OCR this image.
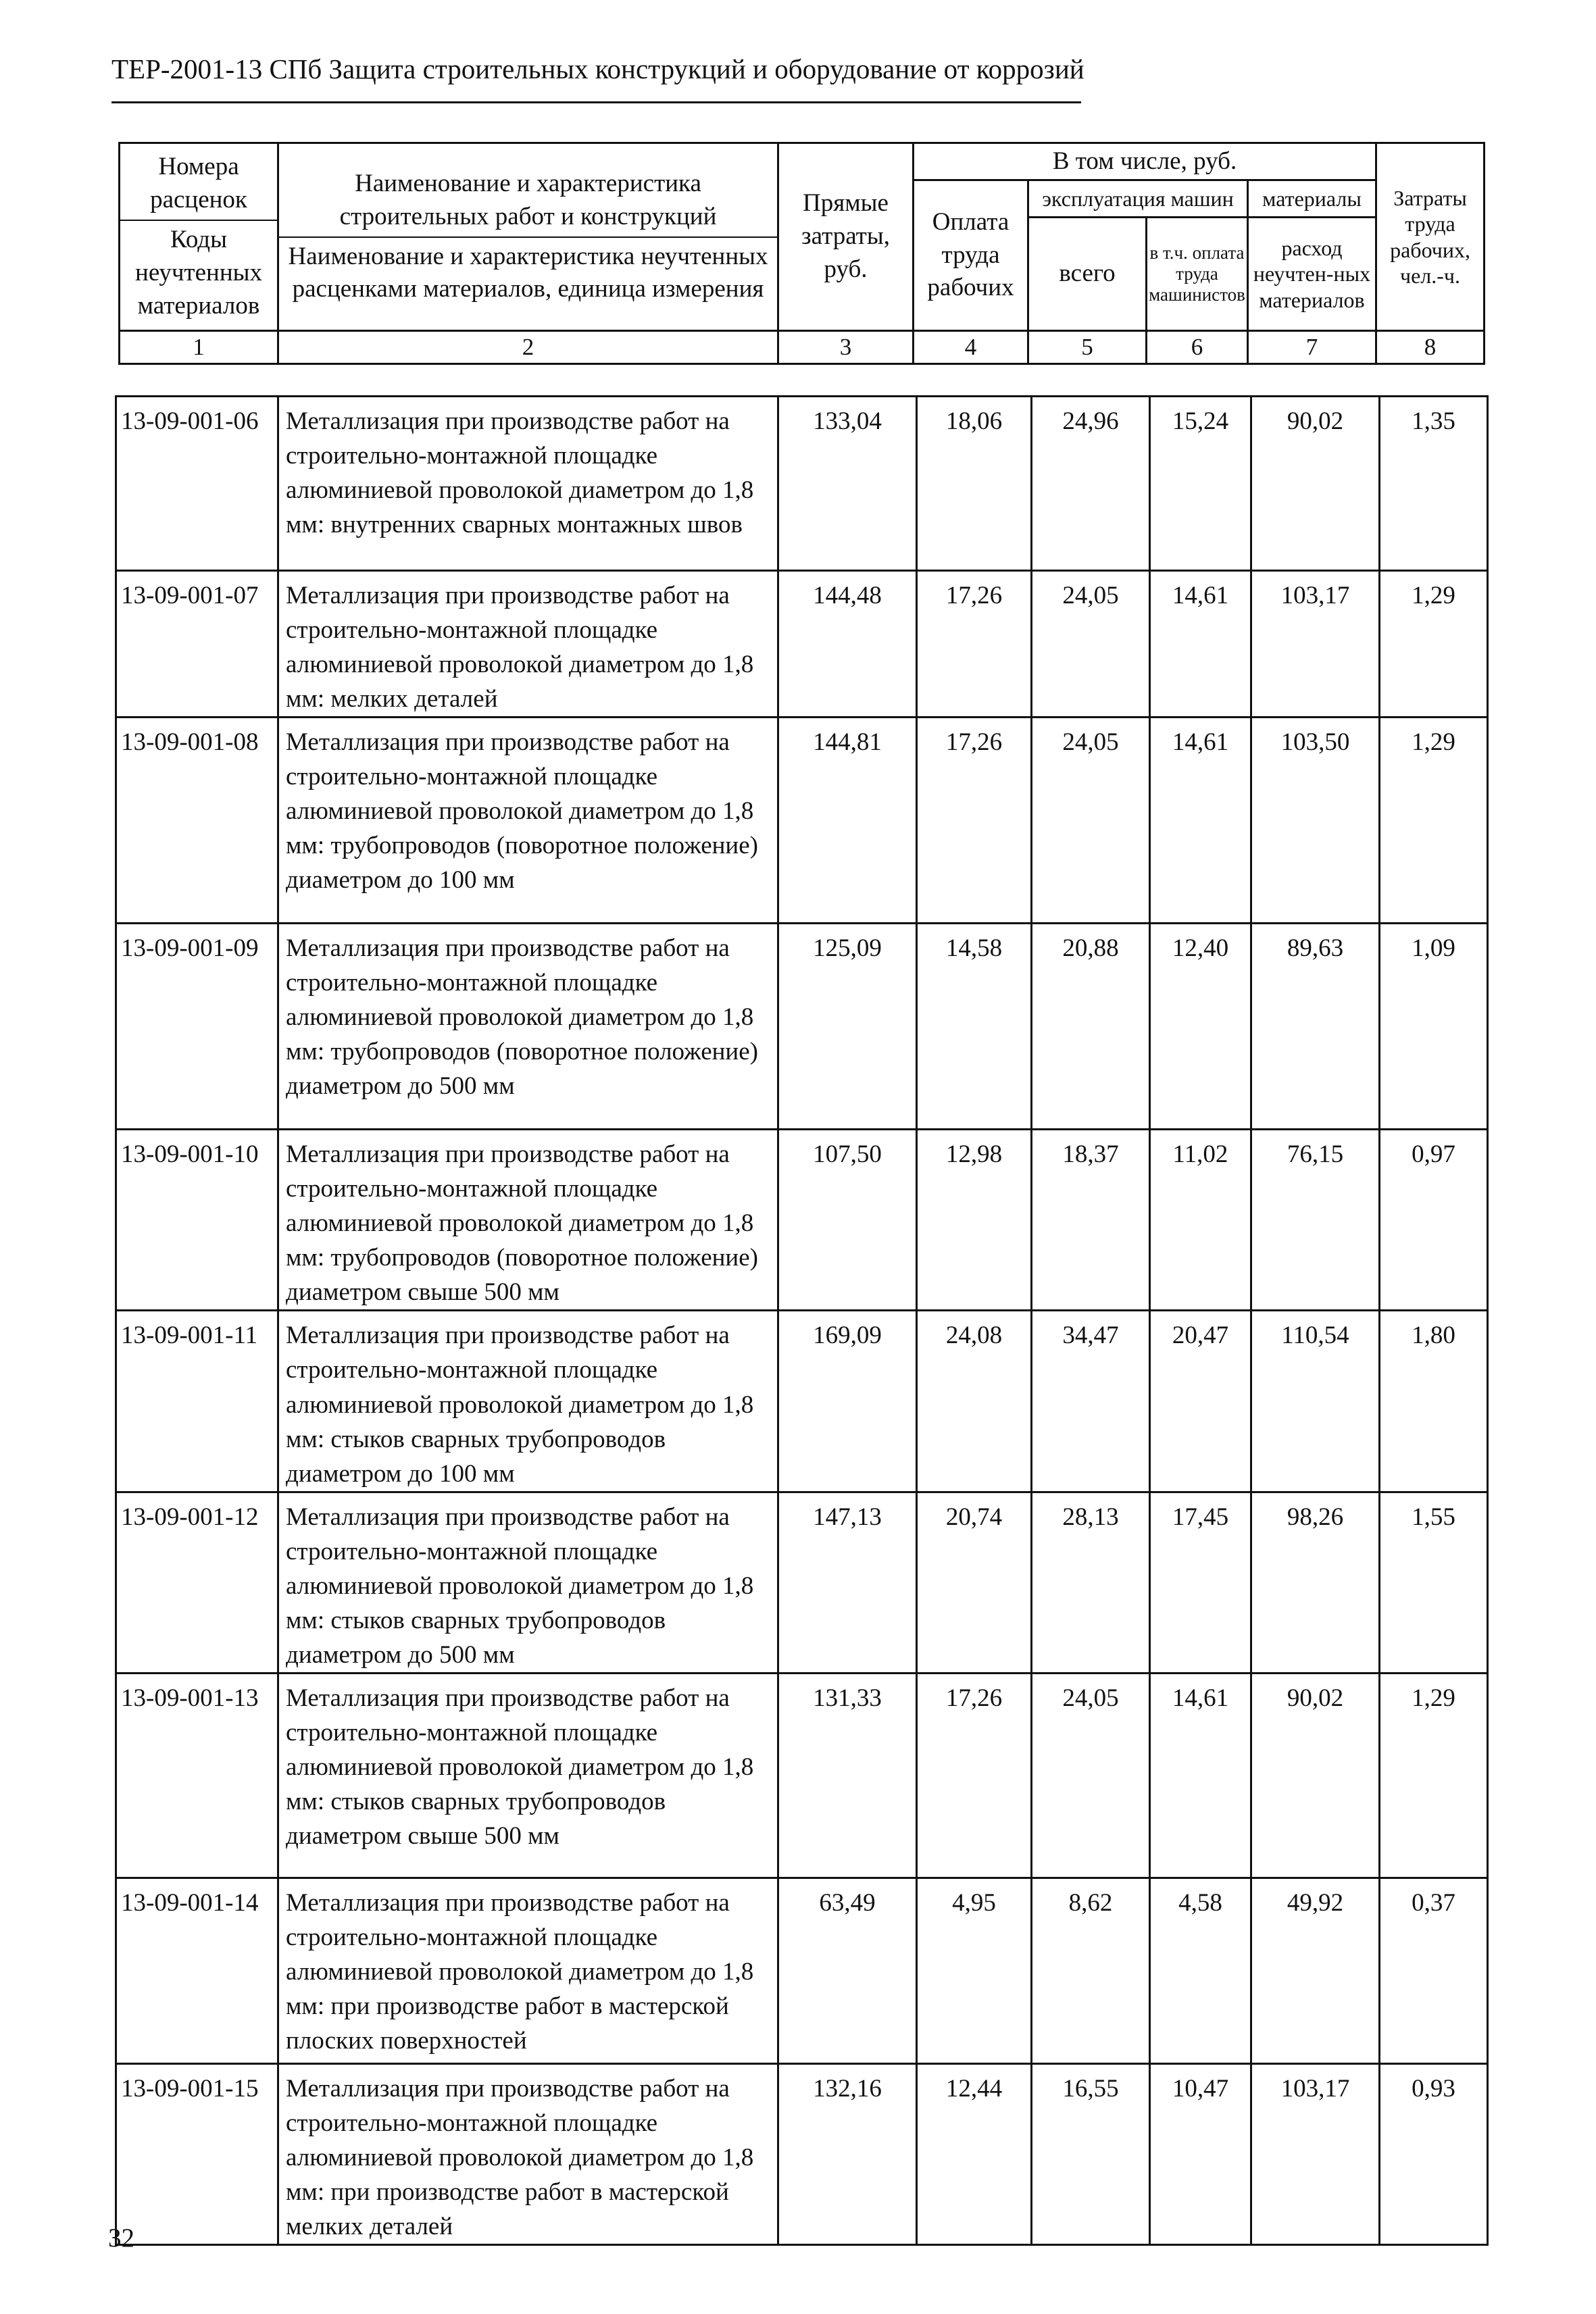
ТЕР-2001-13 СПб Защита строительных конструкций и оборудование от коррозий
Номера расценок
Коды неучтенных материалов	Наименование и характеристика строительных работ и конструкций
Наименование и характеристика неучтенных расценками материалов, единица измерения	Прямые затраты, руб.	В том числе, руб.				Затраты труда рабочих, чел.-ч.
			Оплата труда рабочих	эксплуатация машин		материалы	
				всего	в т.ч. оплата труда машинистов	расход неучтен-ных материалов	
1	2	3	4	5	6	7	8
13-09-001-06	Металлизация при производстве работ на строительно-монтажной площадке алюминиевой проволокой диаметром до 1,8 мм: внутренних сварных монтажных швов	133,04	18,06	24,96	15,24	90,02	1,35
13-09-001-07	Металлизация при производстве работ на строительно-монтажной площадке алюминиевой проволокой диаметром до 1,8 мм: мелких деталей	144,48	17,26	24,05	14,61	103,17	1,29
13-09-001-08	Металлизация при производстве работ на строительно-монтажной площадке алюминиевой проволокой диаметром до 1,8 мм: трубопроводов (поворотное положение) диаметром до 100 мм	144,81	17,26	24,05	14,61	103,50	1,29
13-09-001-09	Металлизация при производстве работ на строительно-монтажной площадке алюминиевой проволокой диаметром до 1,8 мм: трубопроводов (поворотное положение) диаметром до 500 мм	125,09	14,58	20,88	12,40	89,63	1,09
13-09-001-10	Металлизация при производстве работ на строительно-монтажной площадке алюминиевой проволокой диаметром до 1,8 мм: трубопроводов (поворотное положение) диаметром свыше 500 мм	107,50	12,98	18,37	11,02	76,15	0,97
13-09-001-11	Металлизация при производстве работ на строительно-монтажной площадке алюминиевой проволокой диаметром до 1,8 мм: стыков сварных трубопроводов диаметром до 100 мм	169,09	24,08	34,47	20,47	110,54	1,80
13-09-001-12	Металлизация при производстве работ на строительно-монтажной площадке алюминиевой проволокой диаметром до 1,8 мм: стыков сварных трубопроводов диаметром до 500 мм	147,13	20,74	28,13	17,45	98,26	1,55
13-09-001-13	Металлизация при производстве работ на строительно-монтажной площадке алюминиевой проволокой диаметром до 1,8 мм: стыков сварных трубопроводов диаметром свыше 500 мм	131,33	17,26	24,05	14,61	90,02	1,29
13-09-001-14	Металлизация при производстве работ на строительно-монтажной площадке алюминиевой проволокой диаметром до 1,8 мм: при производстве работ в мастерской плоских поверхностей	63,49	4,95	8,62	4,58	49,92	0,37
13-09-001-15	Металлизация при производстве работ на строительно-монтажной площадке алюминиевой проволокой диаметром до 1,8 мм: при производстве работ в мастерской мелких деталей	132,16	12,44	16,55	10,47	103,17	0,93
32
